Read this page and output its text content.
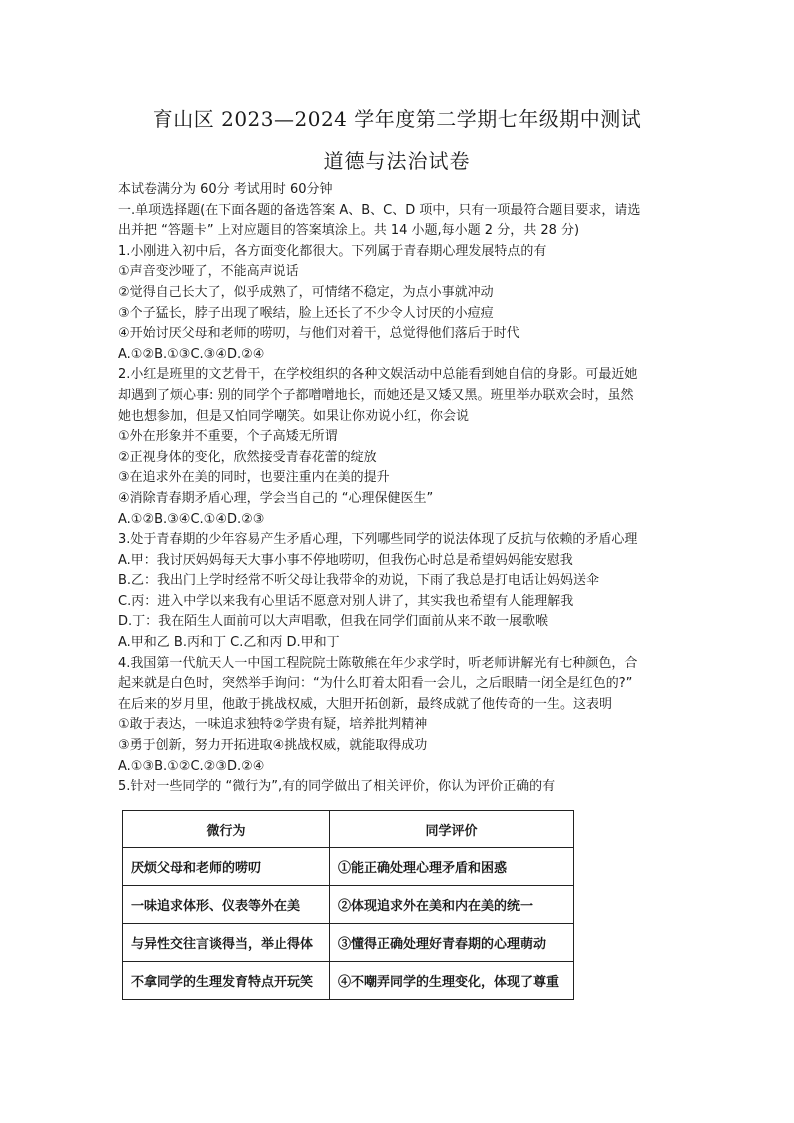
育山区 2023—2024 学年度第二学期七年级期中测试
道德与法治试卷
本试卷满分为 60分 考试用时 60分钟
一.单项选择题(在下面各题的备选答案 A、B、C、D 项中，只有一项最符合题目要求，请选
出并把 “答题卡” 上对应题目的答案填涂上。共 14 小题,每小题 2 分，共 28 分)
1.小刚进入初中后，各方面变化都很大。下列属于青春期心理发展特点的有
①声音变沙哑了，不能高声说话
②觉得自己长大了，似乎成熟了，可情绪不稳定，为点小事就冲动
③个子猛长，脖子出现了喉结，脸上还长了不少令人讨厌的小痘痘
④开始讨厌父母和老师的唠叨，与他们对着干，总觉得他们落后于时代
A.①②B.①③C.③④D.②④
2.小红是班里的文艺骨干，在学校组织的各种文娱活动中总能看到她自信的身影。可最近她
却遇到了烦心事: 别的同学个子都噌噌地长，而她还是又矮又黑。班里举办联欢会时，虽然
她也想参加，但是又怕同学嘲笑。如果让你劝说小红，你会说
①外在形象并不重要，个子高矮无所谓
②正视身体的变化，欣然接受青春花蕾的绽放
③在追求外在美的同时，也要注重内在美的提升
④消除青春期矛盾心理，学会当自己的 “心理保健医生”
A.①②B.③④C.①④D.②③
3.处于青春期的少年容易产生矛盾心理，下列哪些同学的说法体现了反抗与依赖的矛盾心理
A.甲：我讨厌妈妈每天大事小事不停地唠叨，但我伤心时总是希望妈妈能安慰我
B.乙：我出门上学时经常不听父母让我带伞的劝说，下雨了我总是打电话让妈妈送伞
C.丙：进入中学以来我有心里话不愿意对别人讲了，其实我也希望有人能理解我
D.丁：我在陌生人面前可以大声唱歌，但我在同学们面前从来不敢一展歌喉
A.甲和乙 B.丙和丁 C.乙和丙 D.甲和丁
4.我国第一代航天人一中国工程院院士陈敬熊在年少求学时，听老师讲解光有七种颜色，合
起来就是白色时，突然举手询问：“为什么盯着太阳看一会儿，之后眼睛一闭全是红色的?”
在后来的岁月里，他敢于挑战权威，大胆开拓创新，最终成就了他传奇的一生。这表明
①敢于表达，一味追求独特②学贵有疑，培养批判精神
③勇于创新，努力开拓进取④挑战权威，就能取得成功
A.①③B.①②C.②③D.②④
5.针对一些同学的 “微行为”,有的同学做出了相关评价，你认为评价正确的有
微行为	同学评价
厌烦父母和老师的唠叨	①能正确处理心理矛盾和困惑
一味追求体形、仪表等外在美	②体现追求外在美和内在美的统一
与异性交往言谈得当，举止得体	③懂得正确处理好青春期的心理萌动
不拿同学的生理发育特点开玩笑	④不嘲弄同学的生理变化，体现了尊重
